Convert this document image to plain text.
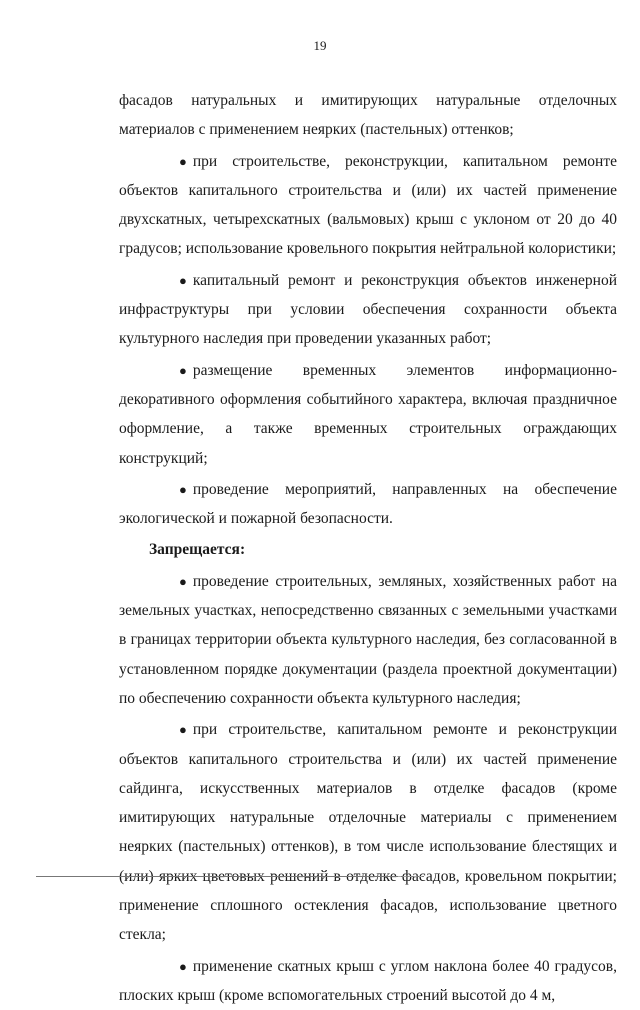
19

фасадов натуральных и имитирующих натуральные отделочных материалов с применением неярких (пастельных) оттенков;

● при строительстве, реконструкции, капитальном ремонте объектов капитального строительства и (или) их частей применение двухскатных, четырехскатных (вальмовых) крыш с уклоном от 20 до 40 градусов; использование кровельного покрытия нейтральной колористики;

● капитальный ремонт и реконструкция объектов инженерной инфраструктуры при условии обеспечения сохранности объекта культурного наследия при проведении указанных работ;

● размещение временных элементов информационно-декоративного оформления событийного характера, включая праздничное оформление, а также временных строительных ограждающих конструкций;

● проведение мероприятий, направленных на обеспечение экологической и пожарной безопасности.

Запрещается:

● проведение строительных, земляных, хозяйственных работ на земельных участках, непосредственно связанных с земельными участками в границах территории объекта культурного наследия, без согласованной в установленном порядке документации (раздела проектной документации) по обеспечению сохранности объекта культурного наследия;

● при строительстве, капитальном ремонте и реконструкции объектов капитального строительства и (или) их частей применение сайдинга, искусственных материалов в отделке фасадов (кроме имитирующих натуральные отделочные материалы с применением неярких (пастельных) оттенков), в том числе использование блестящих и (или) ярких цветовых решений в отделке фасадов, кровельном покрытии; применение сплошного остекления фасадов, использование цветного стекла;

● применение скатных крыш с углом наклона более 40 градусов, плоских крыш (кроме вспомогательных строений высотой до 4 м,
